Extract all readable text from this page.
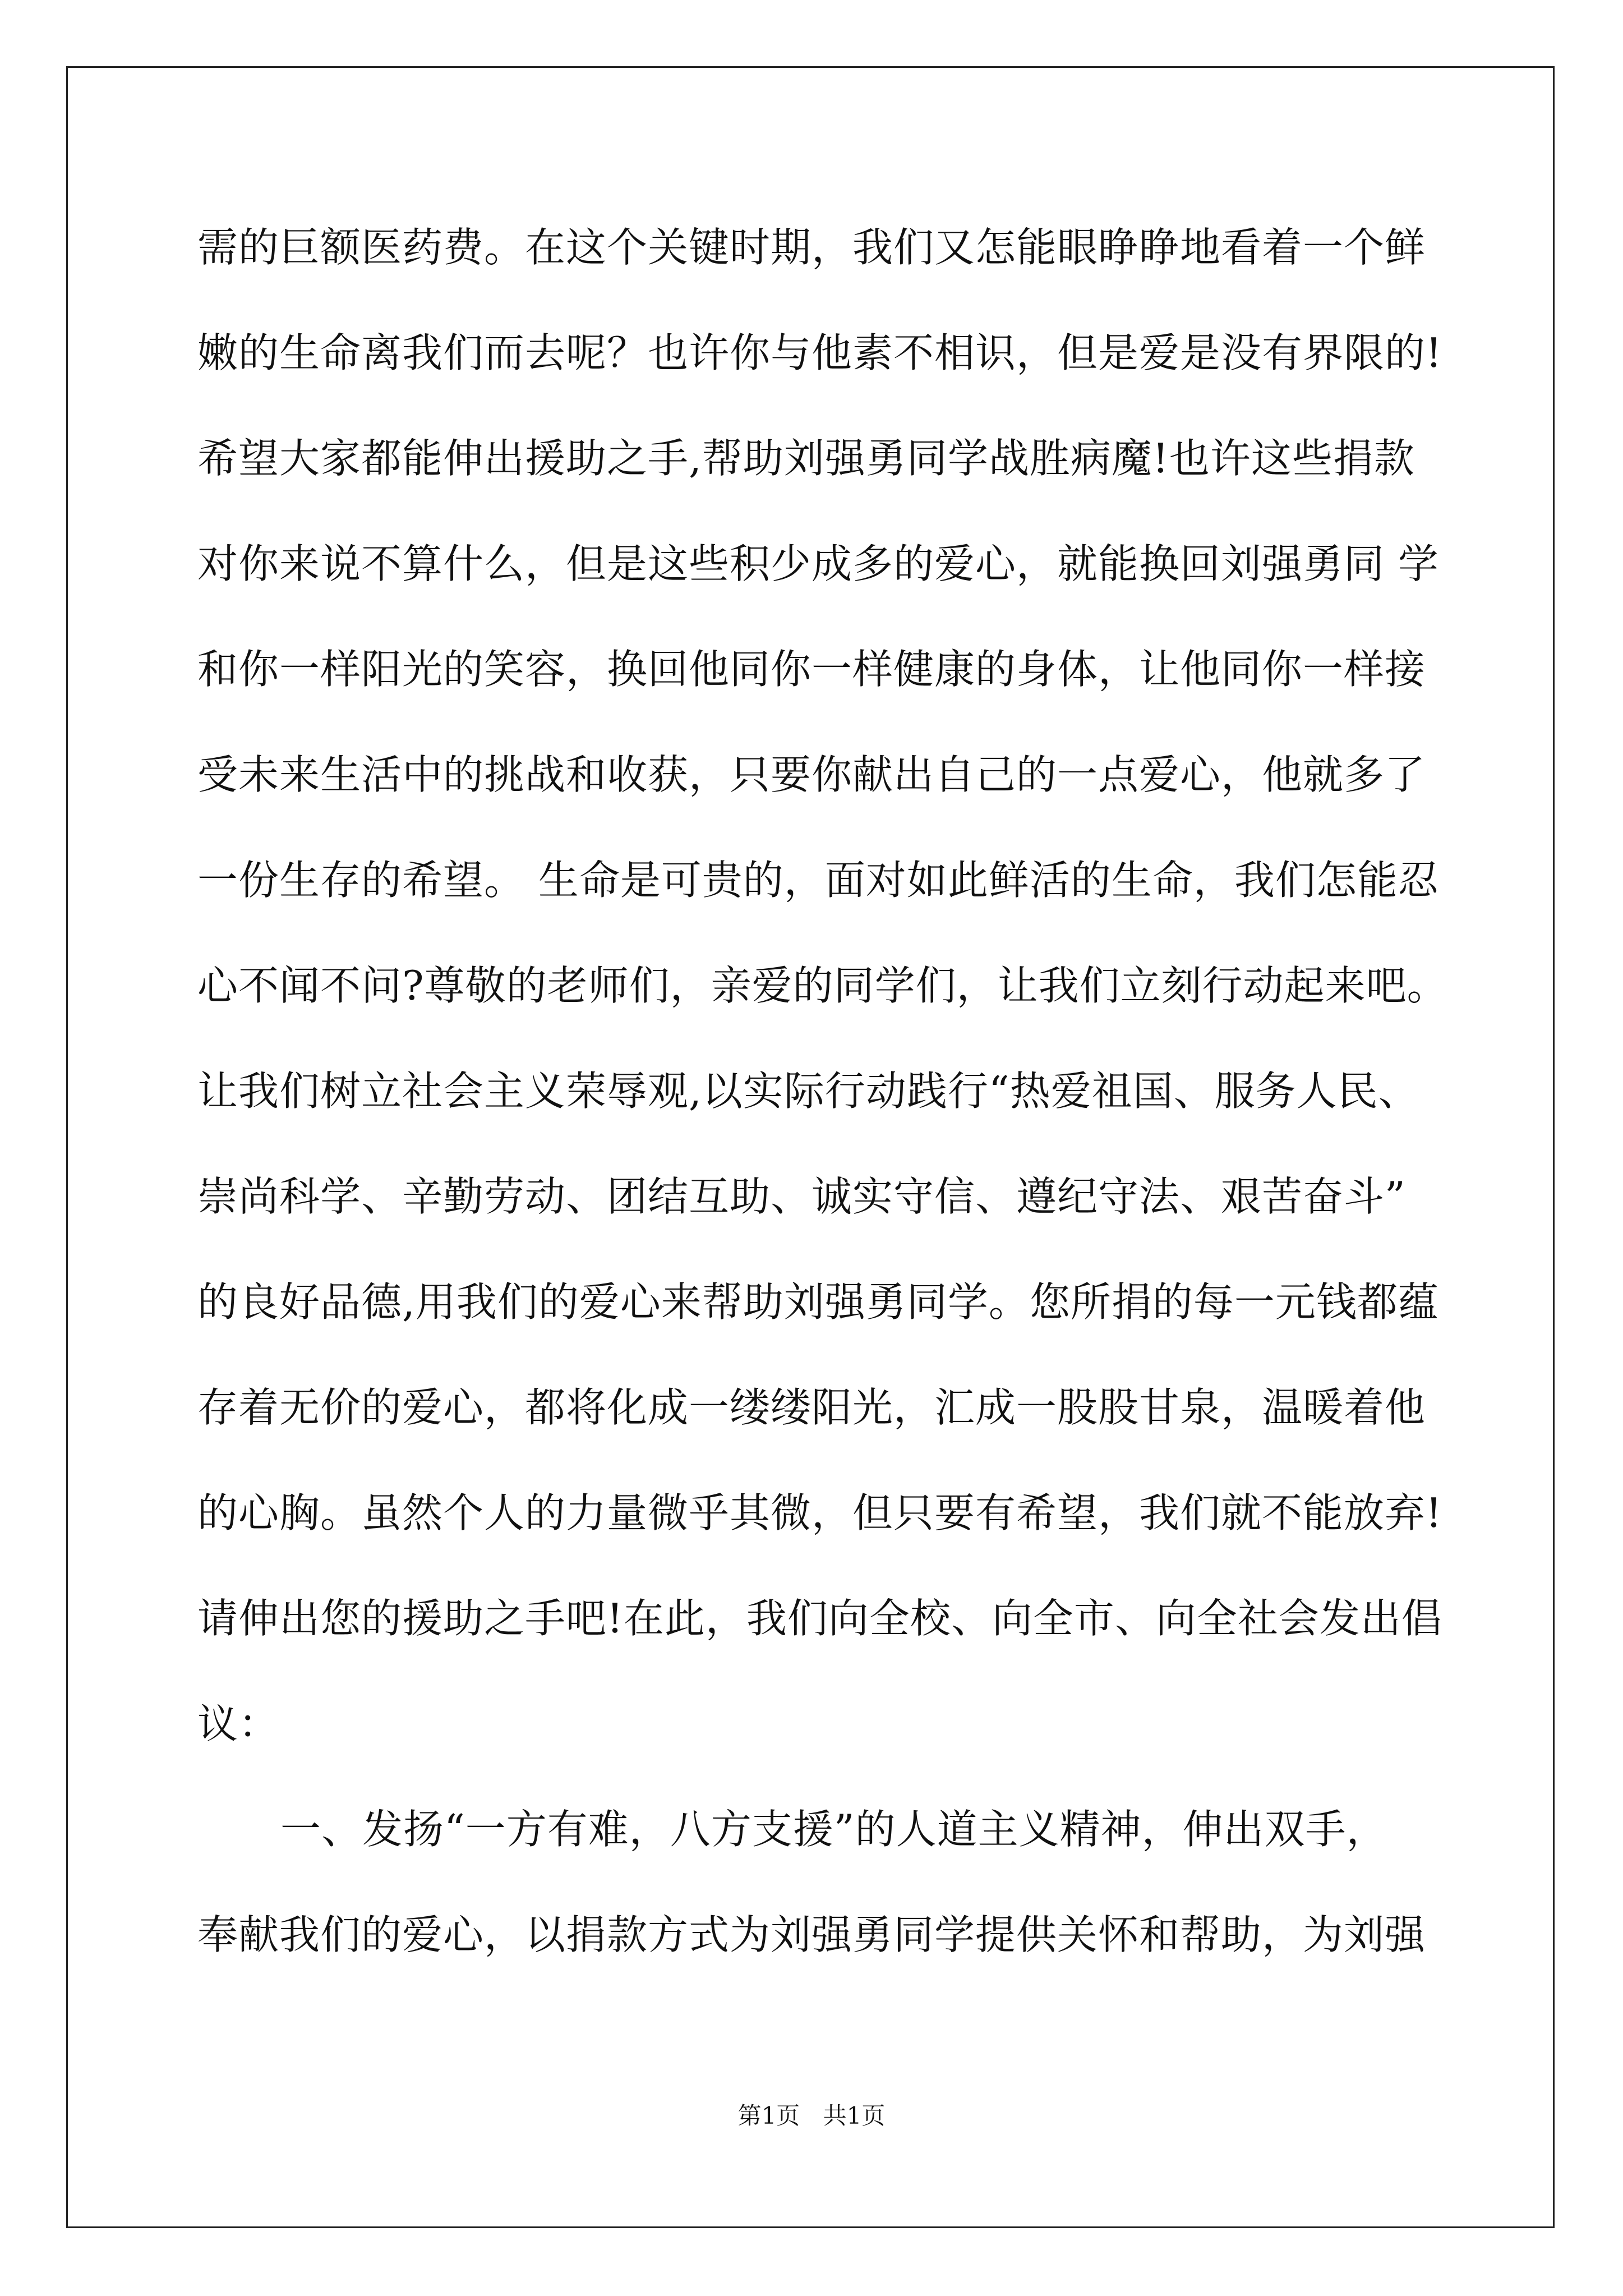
需的巨额医药费。在这个关键时期，我们又怎能眼睁睁地看着一个鲜
嫩的生命离我们而去呢？也许你与他素不相识，但是爱是没有界限的!
希望大家都能伸出援助之手,帮助刘强勇同学战胜病魔!也许这些捐款
对你来说不算什么，但是这些积少成多的爱心，就能换回刘强勇同 学
和你一样阳光的笑容，换回他同你一样健康的身体，让他同你一样接
受未来生活中的挑战和收获，只要你献出自己的一点爱心，他就多了
一份生存的希望。 生命是可贵的，面对如此鲜活的生命，我们怎能忍
心不闻不问?尊敬的老师们，亲爱的同学们，让我们立刻行动起来吧。
让我们树立社会主义荣辱观,以实际行动践行“热爱祖国、服务人民、
崇尚科学、辛勤劳动、团结互助、诚实守信、遵纪守法、艰苦奋斗”
的良好品德,用我们的爱心来帮助刘强勇同学。您所捐的每一元钱都蕴
存着无价的爱心，都将化成一缕缕阳光，汇成一股股甘泉，温暖着他
的心胸。虽然个人的力量微乎其微，但只要有希望，我们就不能放弃!
请伸出您的援助之手吧!在此，我们向全校、向全市、向全社会发出倡
议：
一、发扬“一方有难，八方支援”的人道主义精神，伸出双手，
奉献我们的爱心，以捐款方式为刘强勇同学提供关怀和帮助，为刘强
第1页 共1页
